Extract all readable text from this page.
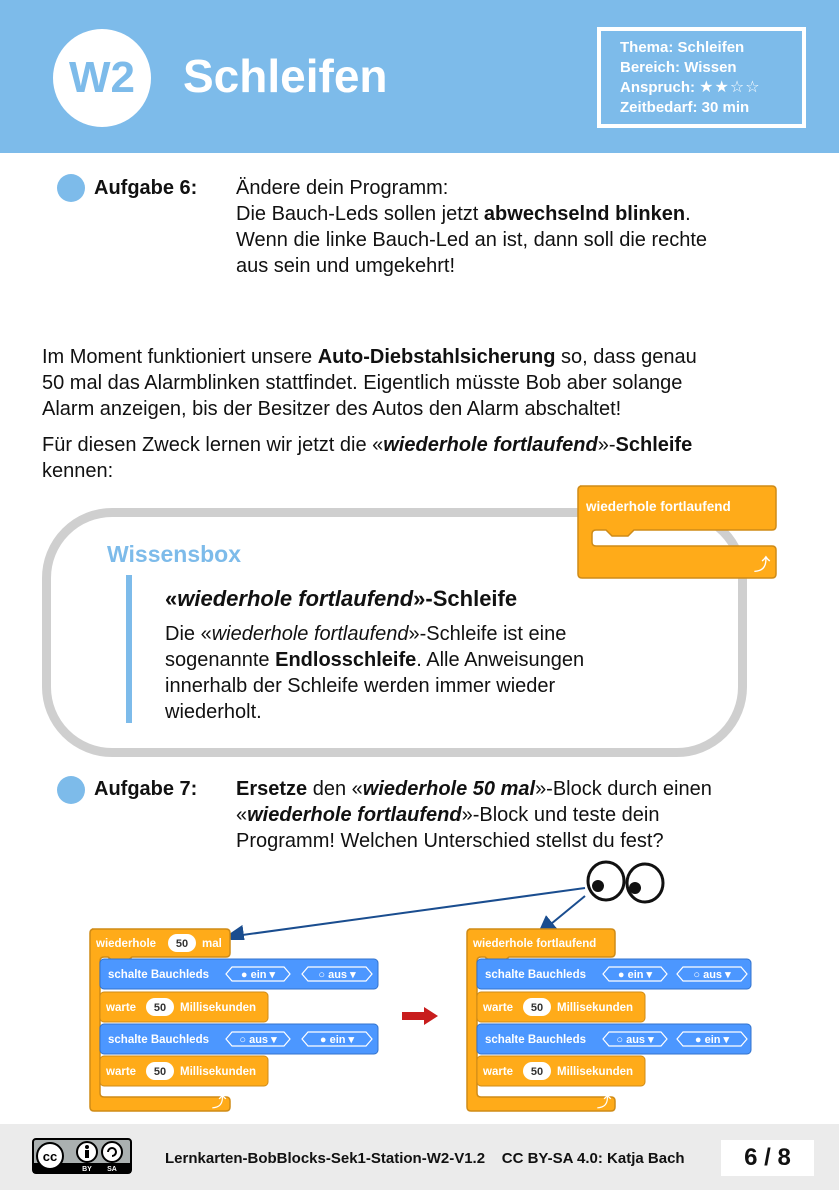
W2	Schleifen
Thema: Schleifen
Bereich: Wissen
Anspruch: ★★☆☆
Zeitbedarf: 30 min
Aufgabe 6: Ändere dein Programm:
Die Bauch-Leds sollen jetzt abwechselnd blinken.
Wenn die linke Bauch-Led an ist, dann soll die rechte
aus sein und umgekehrt!
Im Moment funktioniert unsere Auto-Diebstahlsicherung so, dass genau
50 mal das Alarmblinken stattfindet. Eigentlich müsste Bob aber solange
Alarm anzeigen, bis der Besitzer des Autos den Alarm abschaltet!
Für diesen Zweck lernen wir jetzt die «wiederhole fortlaufend»-Schleife
kennen:
Wissensbox
«wiederhole fortlaufend»-Schleife
Die «wiederhole fortlaufend»-Schleife ist eine
sogenannte Endlosschleife. Alle Anweisungen
innerhalb der Schleife werden immer wieder
wiederholt.
wiederhole fortlaufend
⤴
Aufgabe 7: Ersetze den «wiederhole 50 mal»-Block durch einen
«wiederhole fortlaufend»-Block und teste dein
Programm! Welchen Unterschied stellst du fest?
wiederhole 50 mal
schalte Bauchleds	● ein ▾	○ aus ▾
warte 50 Millisekunden
schalte Bauchleds	○ aus ▾	● ein ▾
warte 50 Millisekunden
⤴
wiederhole fortlaufend
schalte Bauchleds	● ein ▾	○ aus ▾
warte 50 Millisekunden
schalte Bauchleds	○ aus ▾	● ein ▾
warte 50 Millisekunden
⤴
cc
BY SA
Lernkarten-BobBlocks-Sek1-Station-W2-V1.2 CC BY-SA 4.0: Katja Bach	6 / 8
